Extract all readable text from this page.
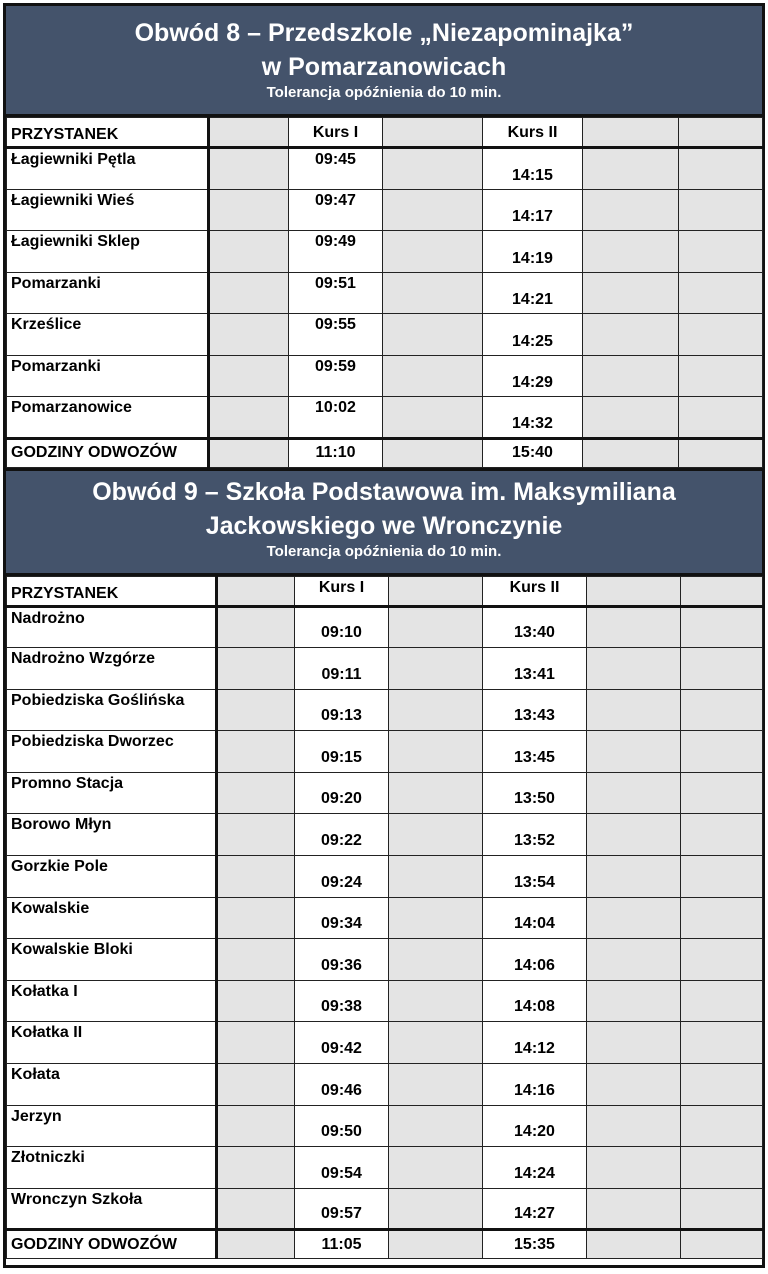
Obwód 8 – Przedszkole „Niezapominajka”
w Pomarzanowicach
Tolerancja opóźnienia do 10 min.
PRZYSTANEK		Kurs I		Kurs II		
Łagiewniki Pętla		09:45		14:15		
Łagiewniki Wieś		09:47		14:17		
Łagiewniki Sklep		09:49		14:19		
Pomarzanki		09:51		14:21		
Krześlice		09:55		14:25		
Pomarzanki		09:59		14:29		
Pomarzanowice		10:02		14:32		
GODZINY ODWOZÓW		11:10		15:40		
Obwód 9 – Szkoła Podstawowa im. Maksymiliana
Jackowskiego we Wronczynie
Tolerancja opóźnienia do 10 min.
PRZYSTANEK		Kurs I		Kurs II		
Nadrożno		09:10		13:40		
Nadrożno Wzgórze		09:11		13:41		
Pobiedziska Goślińska		09:13		13:43		
Pobiedziska Dworzec		09:15		13:45		
Promno Stacja		09:20		13:50		
Borowo Młyn		09:22		13:52		
Gorzkie Pole		09:24		13:54		
Kowalskie		09:34		14:04		
Kowalskie Bloki		09:36		14:06		
Kołatka I		09:38		14:08		
Kołatka II		09:42		14:12		
Kołata		09:46		14:16		
Jerzyn		09:50		14:20		
Złotniczki		09:54		14:24		
Wronczyn Szkoła		09:57		14:27		
GODZINY ODWOZÓW		11:05		15:35		
